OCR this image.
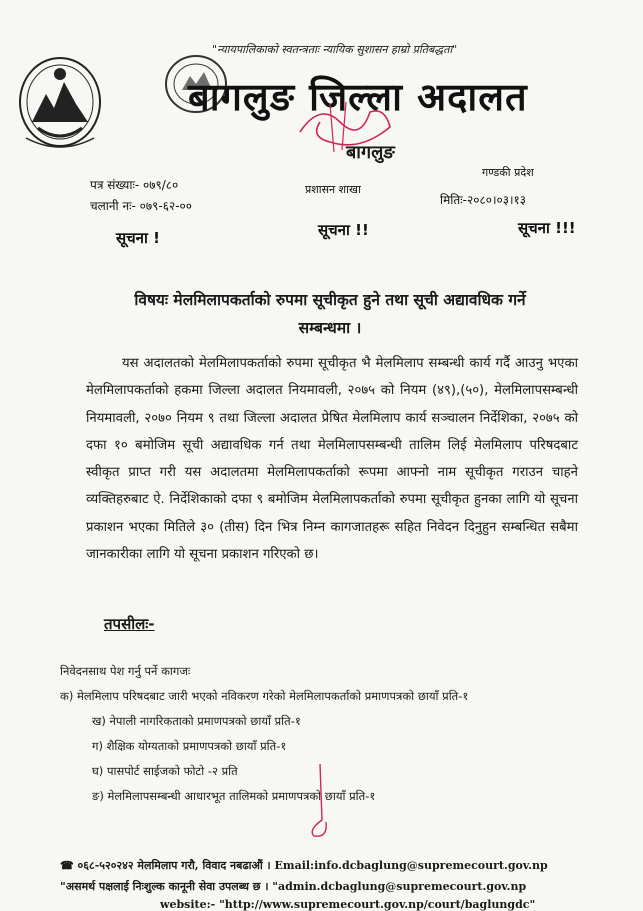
"न्यायपालिकाको स्वतन्त्रताः न्यायिक सुशासन हाम्रो प्रतिबद्धता"
बागलुङ जिल्ला अदालत
बागलुङ
पत्र संख्याः- ०७९/८०
चलानी नः- ०७९-६२-००
प्रशासन शाखा
गण्डकी प्रदेश
मितिः-२०८०।०३।१३
सूचना !	सूचना !!	सूचना !!!
विषयः मेलमिलापकर्ताको रुपमा सूचीकृत हुने तथा सूची अद्यावधिक गर्ने
सम्बन्धमा ।
यस अदालतको मेलमिलापकर्ताको रुपमा सूचीकृत भै मेलमिलाप सम्बन्धी कार्य गर्दै आउनु भएका मेलमिलापकर्ताको हकमा जिल्ला अदालत नियमावली, २०७५ को नियम (४९),(५०), मेलमिलापसम्बन्धी नियमावली, २०७० नियम ९ तथा जिल्ला अदालत प्रेषित मेलमिलाप कार्य सञ्चालन निर्देशिका, २०७५ को दफा १० बमोजिम सूची अद्यावधिक गर्न तथा मेलमिलापसम्बन्धी तालिम लिई मेलमिलाप परिषदबाट स्वीकृत प्राप्त गरी यस अदालतमा मेलमिलापकर्ताको रूपमा आफ्नो नाम सूचीकृत गराउन चाहने व्यक्तिहरुबाट ऐ. निर्देशिकाको दफा ९ बमोजिम मेलमिलापकर्ताको रुपमा सूचीकृत हुनका लागि यो सूचना प्रकाशन भएका मितिले ३० (तीस) दिन भित्र निम्न कागजातहरू सहित निवेदन दिनुहुन सम्बन्धित सबैमा जानकारीका लागि यो सूचना प्रकाशन गरिएको छ।
तपसीलः-
निवेदनसाथ पेश गर्नु पर्ने कागजः
क) मेलमिलाप परिषदबाट जारी भएको नविकरण गरेको मेलमिलापकर्ताको प्रमाणपत्रको छायाँ प्रति-१
ख) नेपाली नागरिकताको प्रमाणपत्रको छायाँ प्रति-१
ग) शैक्षिक योग्यताको प्रमाणपत्रको छायाँ प्रति-१
घ) पासपोर्ट साईजको फोटो -२ प्रति
ङ) मेलमिलापसम्बन्धी आधारभूत तालिमको प्रमाणपत्रको छायाँ प्रति-१
☎ ०६८-५२०२४२ मेलमिलाप गरौ, विवाद नबढाऔं । Email:info.dcbaglung@supremecourt.gov.np
"असमर्थ पक्षलाई निःशुल्क कानूनी सेवा उपलब्ध छ । "admin.dcbaglung@supremecourt.gov.np
website:- "http://www.supremecourt.gov.np/court/baglungdc"
